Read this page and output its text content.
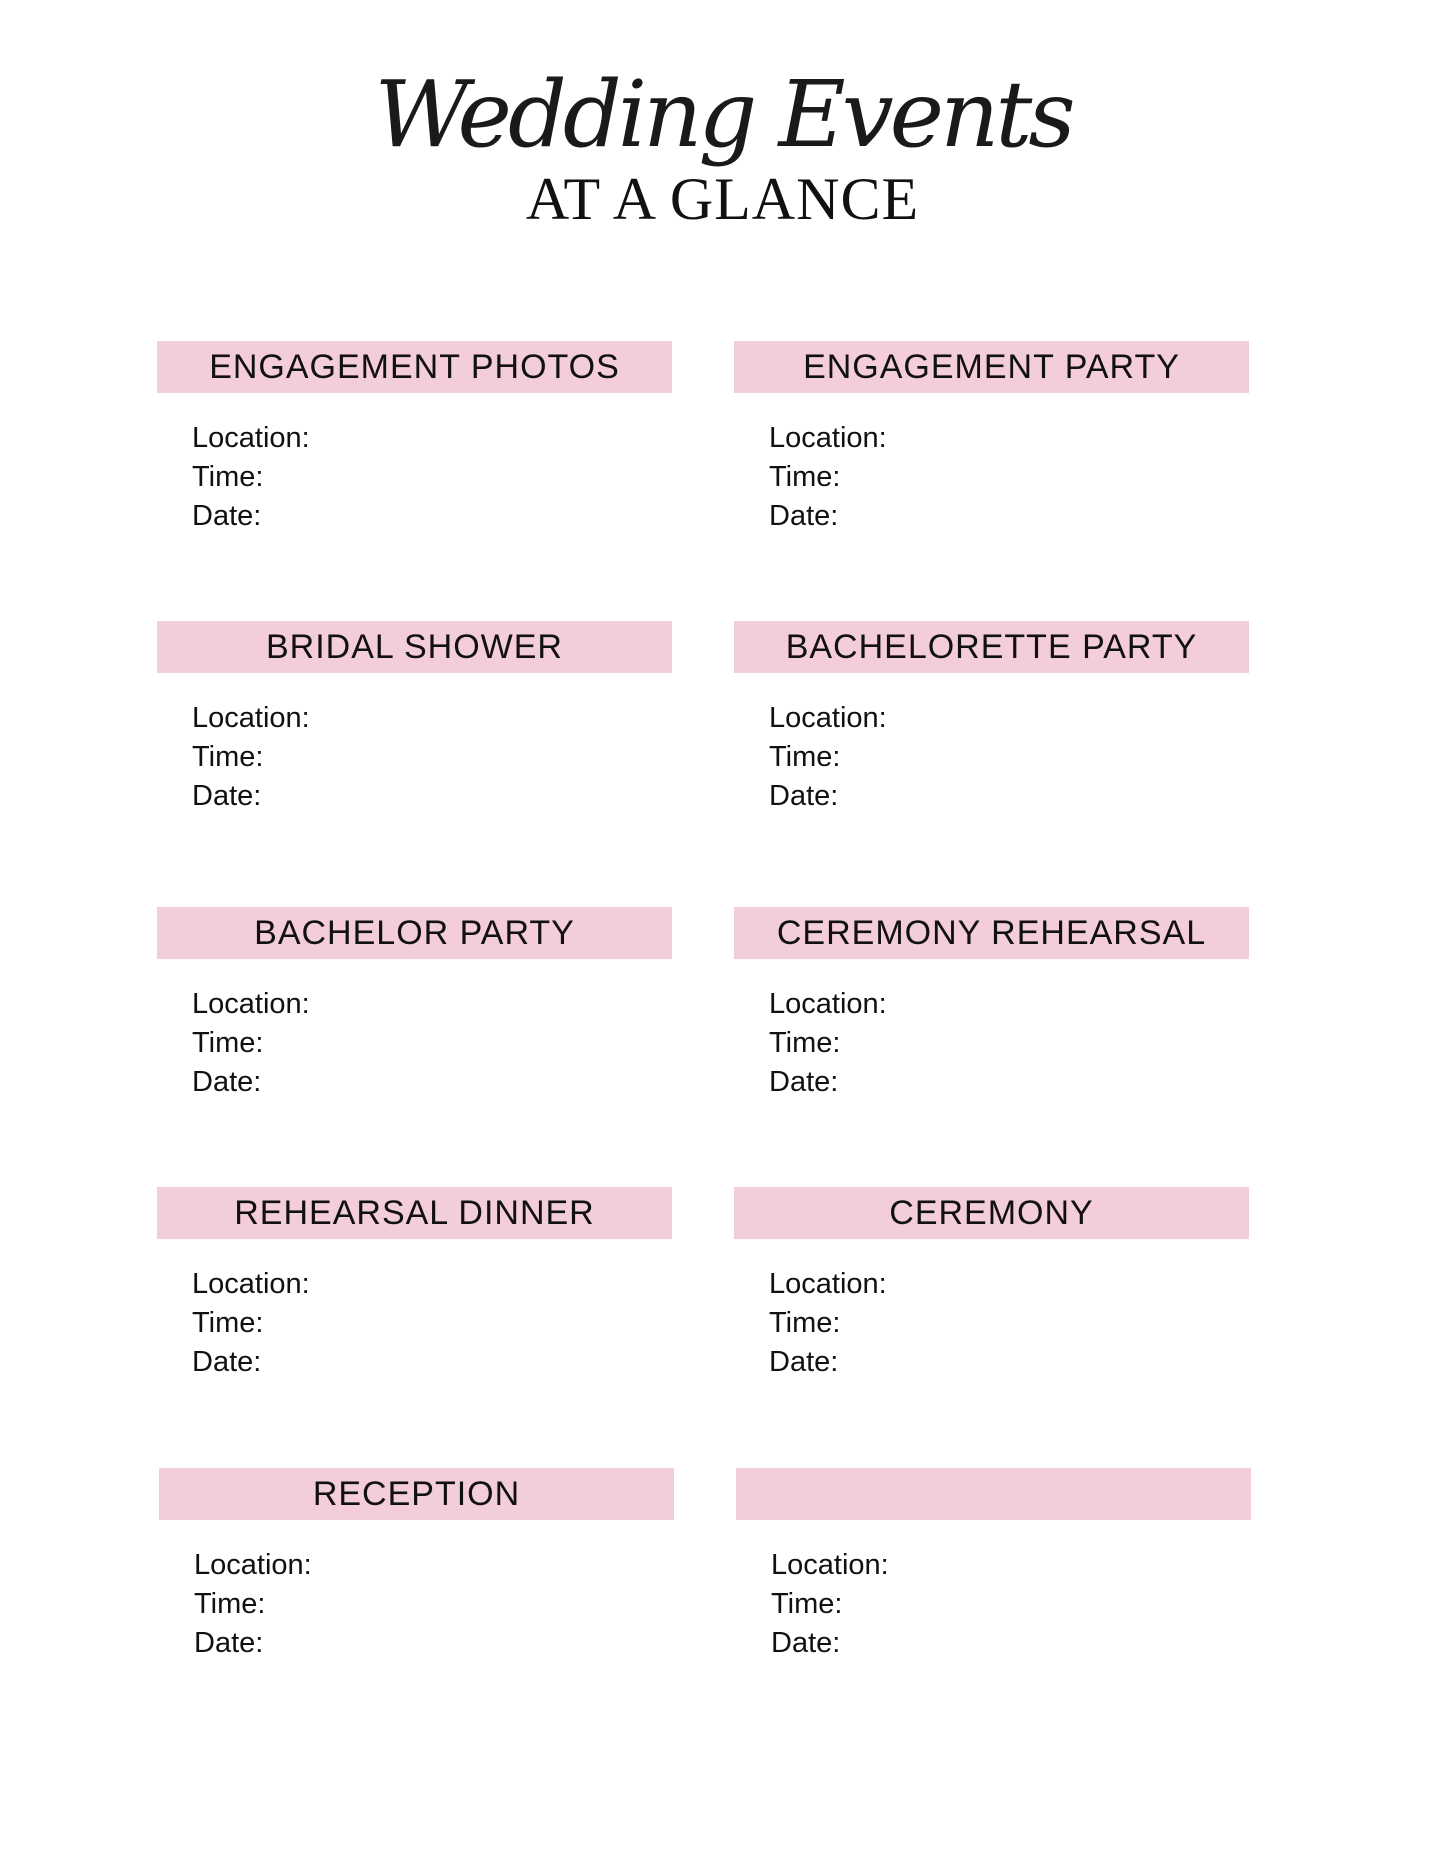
Wedding Events
AT A GLANCE
ENGAGEMENT PHOTOS
Location:
Time:
Date:
ENGAGEMENT PARTY
Location:
Time:
Date:
BRIDAL SHOWER
Location:
Time:
Date:
BACHELORETTE PARTY
Location:
Time:
Date:
BACHELOR PARTY
Location:
Time:
Date:
CEREMONY REHEARSAL
Location:
Time:
Date:
REHEARSAL DINNER
Location:
Time:
Date:
CEREMONY
Location:
Time:
Date:
RECEPTION
Location:
Time:
Date:
Location:
Time:
Date:
